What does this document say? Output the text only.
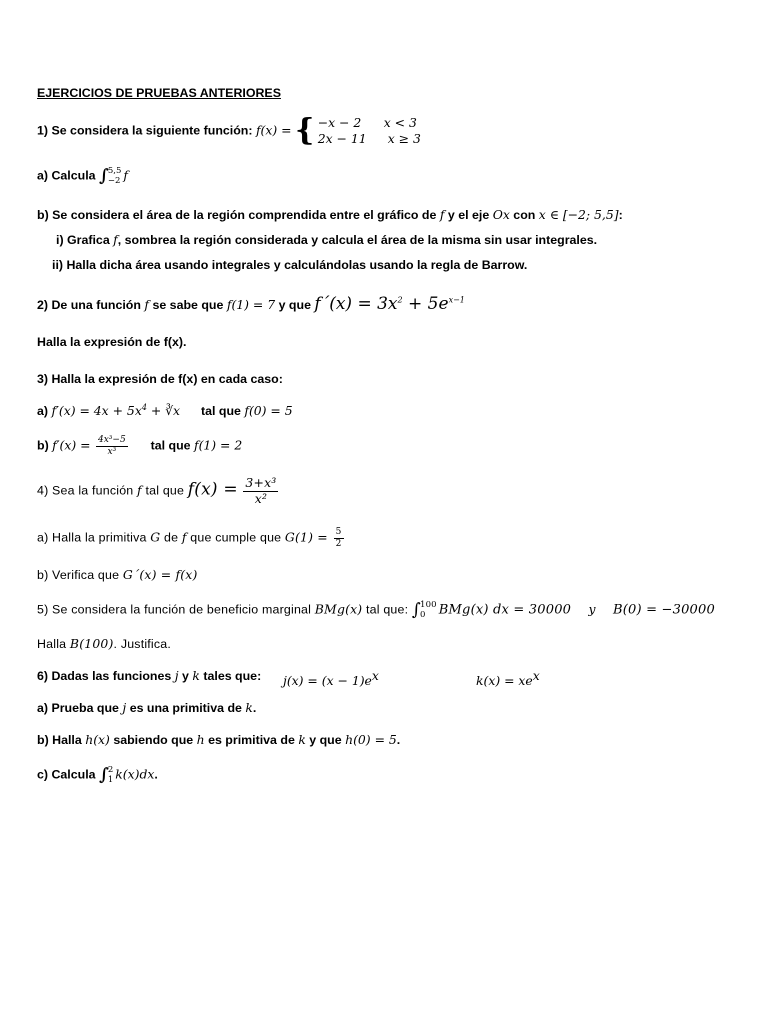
EJERCICIOS DE PRUEBAS ANTERIORES
1) Se considera la siguiente función: f(x) = { −x − 2 x < 3
2x − 11 x ≥ 3
a) Calcula ∫ 5,5
−2 f
b) Se considera el área de la región comprendida entre el gráfico de f y el eje Ox con x ∈ [−2; 5,5]:
i) Grafica f, sombrea la región considerada y calcula el área de la misma sin usar integrales.
ii) Halla dicha área usando integrales y calculándolas usando la regla de Barrow.
2) De una función f se sabe que f(1) = 7 y que f´(x) = $3x^2 + 5e^{x-1}$
Halla la expresión de f(x).
3) Halla la expresión de f(x) en cada caso:
a) $f'(x) = 4x + 5x^4$ + ∛x tal que f(0) = 5
b) $f'(x) = \frac{\text{4x³−5}}{\text{x³}}$ tal que f(1) = 2
4) Sea la función f tal que $f(x) = \frac{\text{3+x³}}{\text{x²}}$
a) Halla la primitiva G de f que cumple que $G(1) = \frac{5}{2}$
b) Verifica que G´(x) = f(x)
5) Se considera la función de beneficio marginal BMg(x) tal que: ∫ 100
0	BMg(x) dx = 30000 y B(0) = −30000
Halla B(100). Justifica.
6) Dadas las funciones j y k tales que: $j(x) = (x - 1)e^x$	$k(x) = xe^x$
a) Prueba que j es una primitiva de k.
b) Halla h(x) sabiendo que h es primitiva de k y que h(0) = 5.
c) Calcula ∫ 2
1 k(x)dx.
